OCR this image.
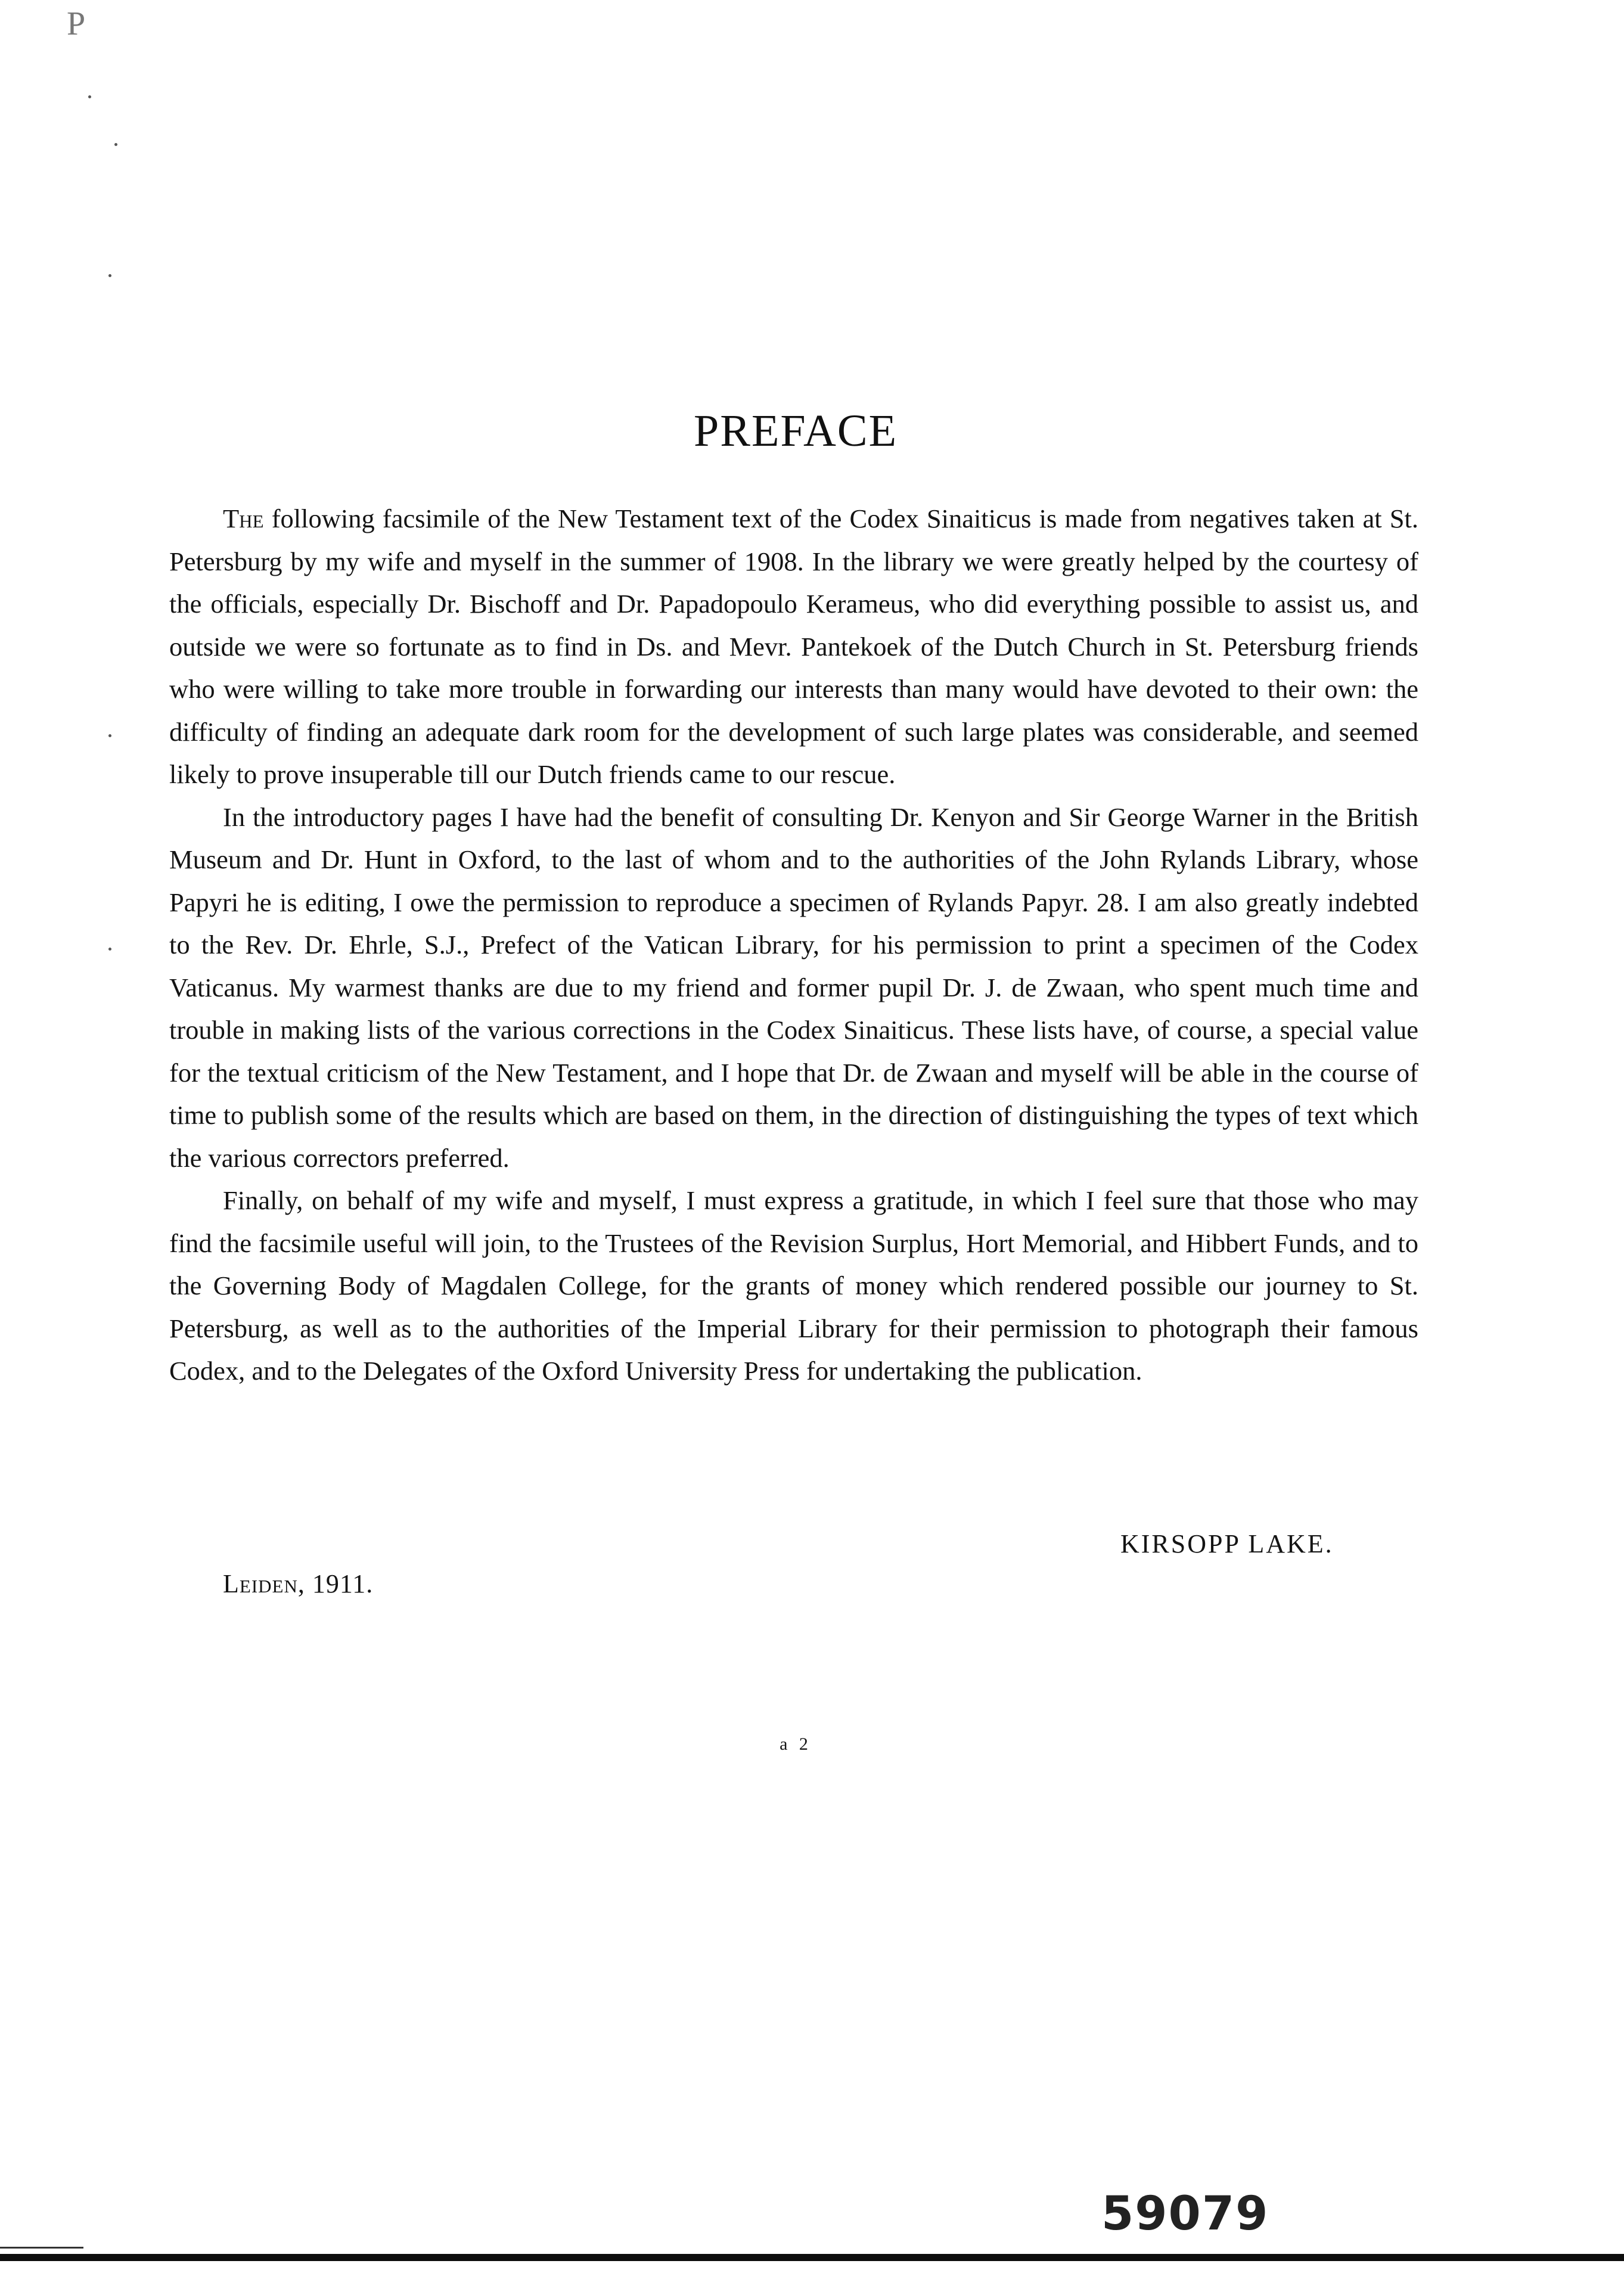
P
PREFACE

The following facsimile of the New Testament text of the Codex Sinaiticus is made from negatives taken at St. Petersburg by my wife and myself in the summer of 1908. In the library we were greatly helped by the courtesy of the officials, especially Dr. Bischoff and Dr. Papadopoulo Kerameus, who did everything possible to assist us, and outside we were so fortunate as to find in Ds. and Mevr. Pantekoek of the Dutch Church in St. Petersburg friends who were willing to take more trouble in forwarding our interests than many would have devoted to their own: the difficulty of finding an adequate dark room for the development of such large plates was considerable, and seemed likely to prove insuperable till our Dutch friends came to our rescue.

In the introductory pages I have had the benefit of consulting Dr. Kenyon and Sir George Warner in the British Museum and Dr. Hunt in Oxford, to the last of whom and to the authorities of the John Rylands Library, whose Papyri he is editing, I owe the permission to reproduce a specimen of Rylands Papyr. 28. I am also greatly indebted to the Rev. Dr. Ehrle, S.J., Prefect of the Vatican Library, for his permission to print a specimen of the Codex Vaticanus. My warmest thanks are due to my friend and former pupil Dr. J. de Zwaan, who spent much time and trouble in making lists of the various corrections in the Codex Sinaiticus. These lists have, of course, a special value for the textual criticism of the New Testament, and I hope that Dr. de Zwaan and myself will be able in the course of time to publish some of the results which are based on them, in the direction of distinguishing the types of text which the various correctors preferred.

Finally, on behalf of my wife and myself, I must express a gratitude, in which I feel sure that those who may find the facsimile useful will join, to the Trustees of the Revision Surplus, Hort Memorial, and Hibbert Funds, and to the Governing Body of Magdalen College, for the grants of money which rendered possible our journey to St. Petersburg, as well as to the authorities of the Imperial Library for their permission to photograph their famous Codex, and to the Delegates of the Oxford University Press for undertaking the publication.

KIRSOPP LAKE.
Leiden, 1911.
a 2
59079
